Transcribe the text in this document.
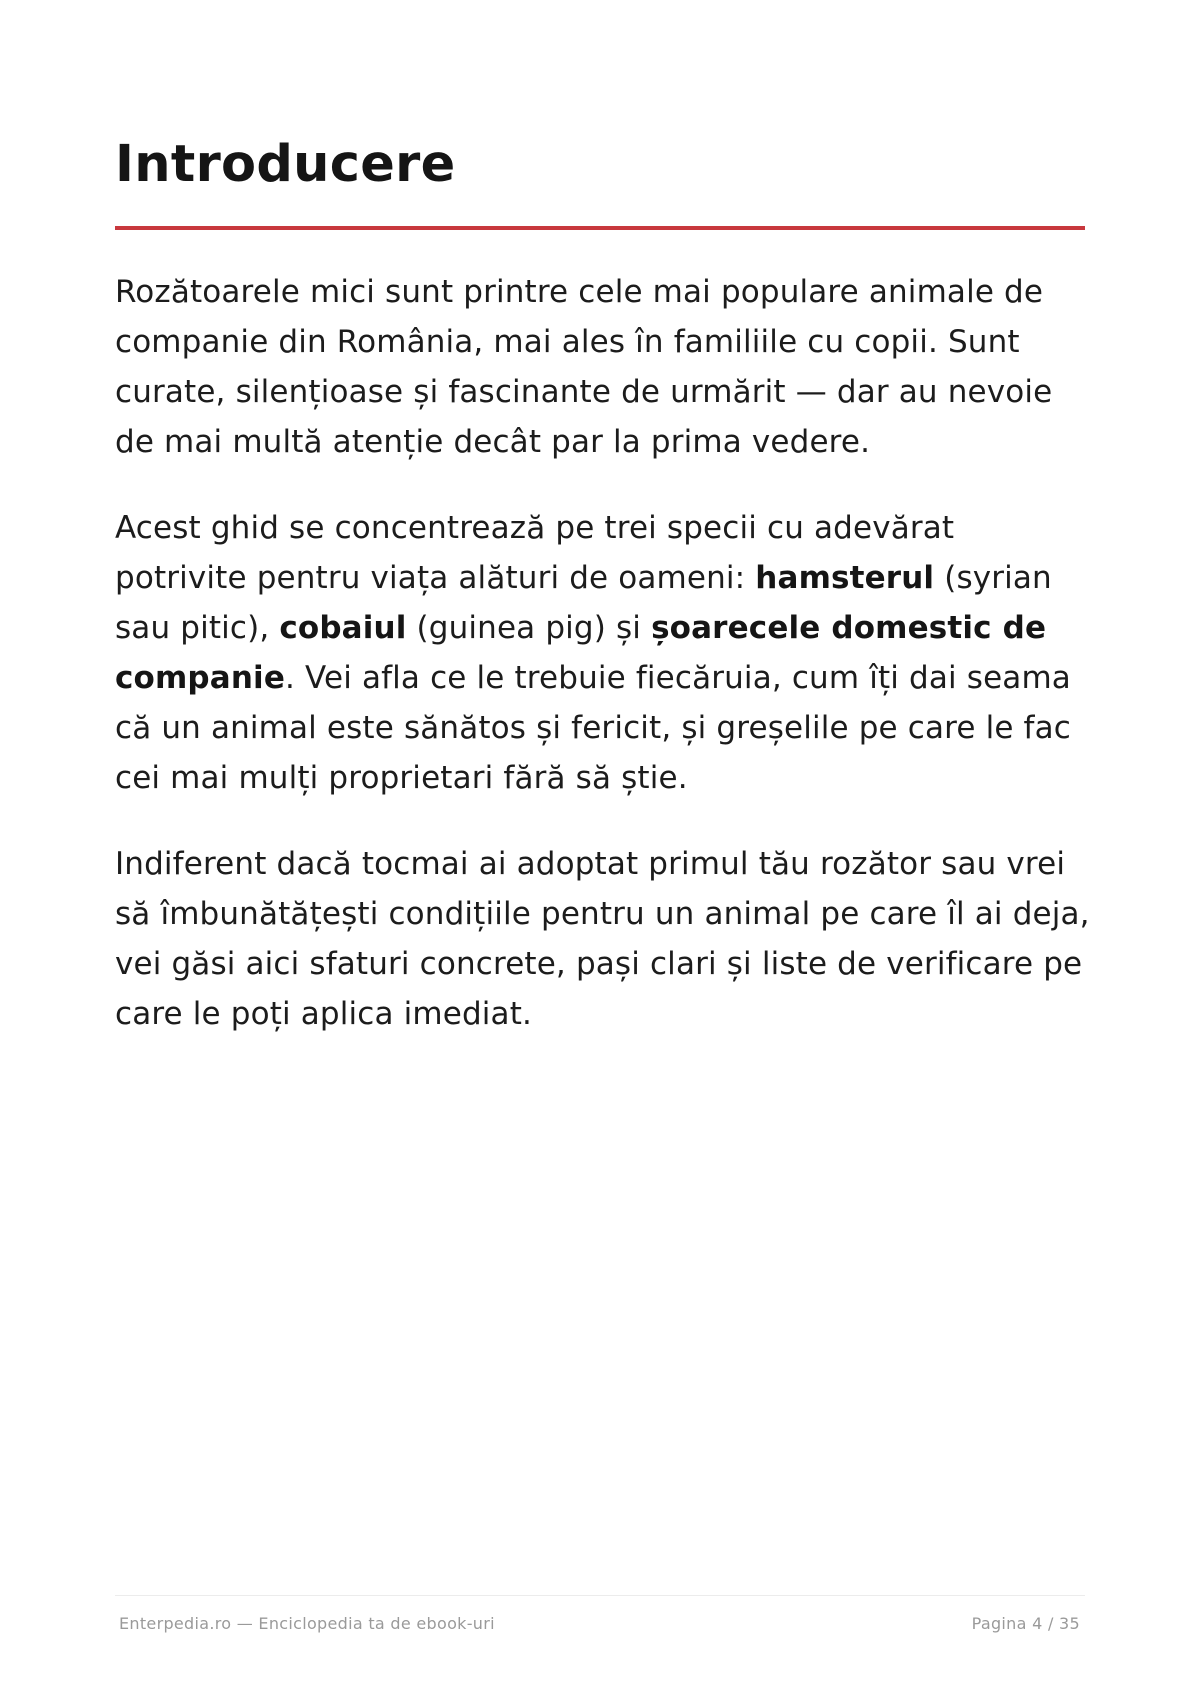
Introducere

Rozătoarele mici sunt printre cele mai populare animale de companie din România, mai ales în familiile cu copii. Sunt curate, silențioase și fascinante de urmărit — dar au nevoie de mai multă atenție decât par la prima vedere.

Acest ghid se concentrează pe trei specii cu adevărat potrivite pentru viața alături de oameni: hamsterul (syrian sau pitic), cobaiul (guinea pig) și șoarecele domestic de companie. Vei afla ce le trebuie fiecăruia, cum îți dai seama că un animal este sănătos și fericit, și greșelile pe care le fac cei mai mulți proprietari fără să știe.

Indiferent dacă tocmai ai adoptat primul tău rozător sau vrei să îmbunătățești condițiile pentru un animal pe care îl ai deja, vei găsi aici sfaturi concrete, pași clari și liste de verificare pe care le poți aplica imediat.

Enterpedia.ro — Enciclopedia ta de ebook-uri	Pagina 4 / 35
